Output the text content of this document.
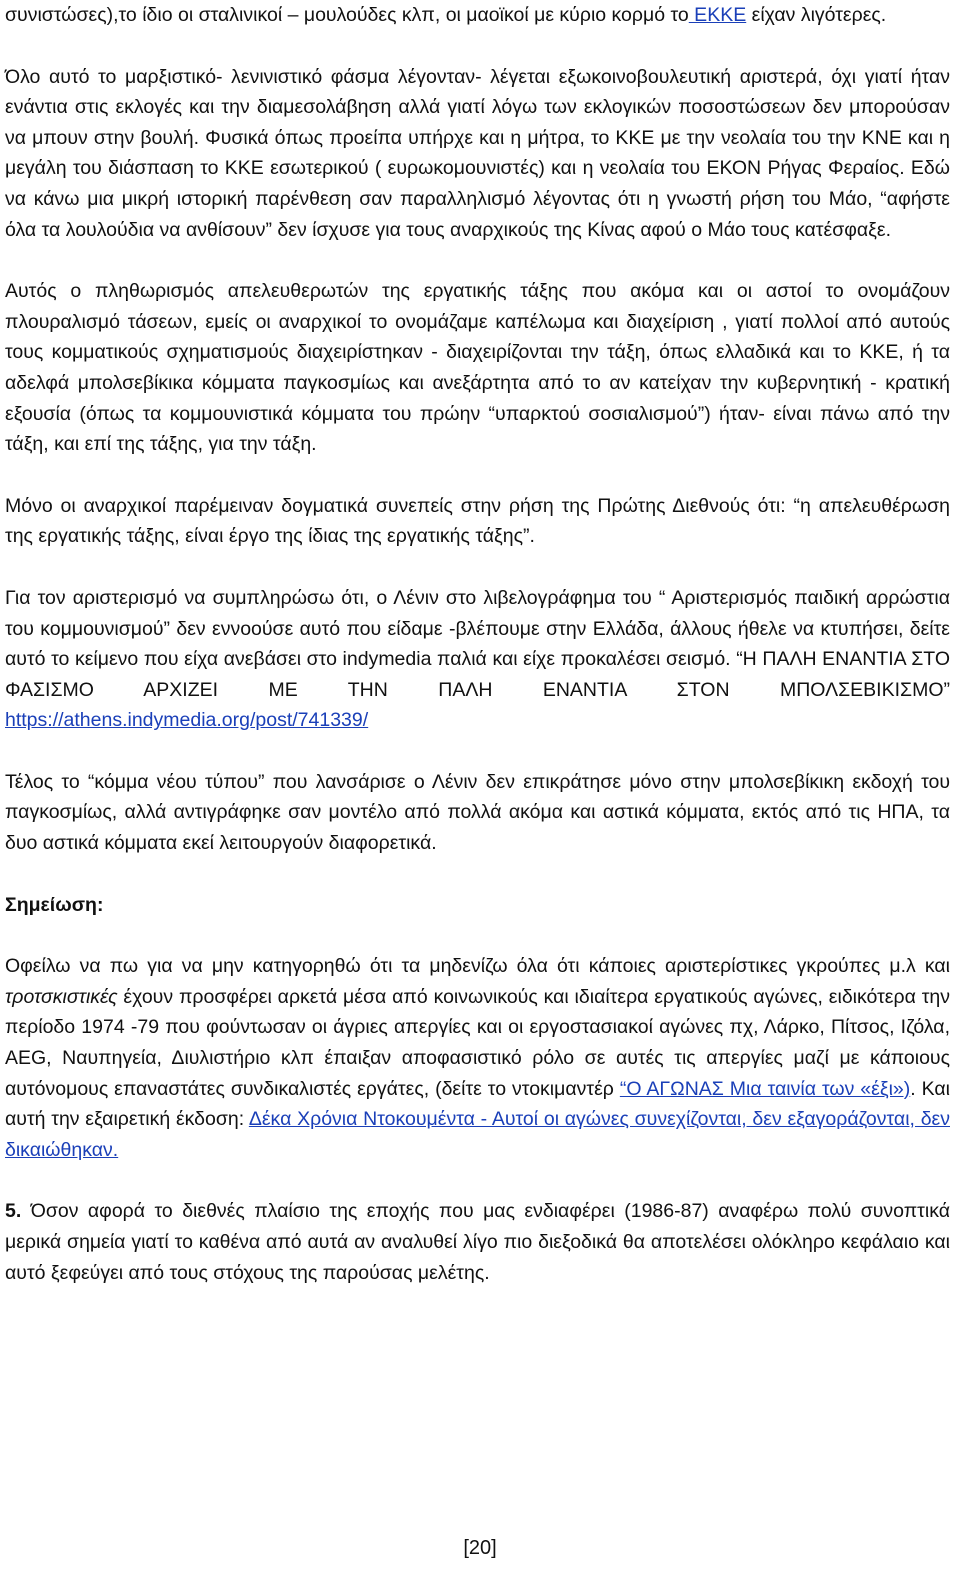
συνιστώσες),το ίδιο οι σταλινικοί – μουλούδες κλπ, οι μαοϊκοί με κύριο κορμό το ΕΚΚΕ είχαν λιγότερες.

Όλο αυτό το μαρξιστικό- λενινιστικό φάσμα λέγονταν- λέγεται εξωκοινοβουλευτική αριστερά, όχι γιατί ήταν ενάντια στις εκλογές και την διαμεσολάβηση αλλά γιατί λόγω των εκλογικών ποσοστώσεων δεν μπορούσαν να μπουν στην βουλή. Φυσικά όπως προείπα υπήρχε και η μήτρα, το ΚΚΕ με την νεολαία του την ΚΝΕ και η μεγάλη του διάσπαση το ΚΚΕ εσωτερικού ( ευρωκομουνιστές) και η νεολαία του ΕΚΟΝ Ρήγας Φεραίος. Εδώ να κάνω μια μικρή ιστορική παρένθεση σαν παραλληλισμό λέγοντας ότι η γνωστή ρήση του Μάο, “αφήστε όλα τα λουλούδια να ανθίσουν” δεν ίσχυσε για τους αναρχικούς της Κίνας αφού ο Μάο τους κατέσφαξε.

Αυτός ο πληθωρισμός απελευθερωτών της εργατικής τάξης που ακόμα και οι αστοί το ονομάζουν πλουραλισμό τάσεων, εμείς οι αναρχικοί το ονομάζαμε καπέλωμα και διαχείριση , γιατί πολλοί από αυτούς τους κομματικούς σχηματισμούς διαχειρίστηκαν - διαχειρίζονται την τάξη, όπως ελλαδικά και το ΚΚΕ, ή τα αδελφά μπολσεβίκικα κόμματα παγκοσμίως και ανεξάρτητα από το αν κατείχαν την κυβερνητική - κρατική εξουσία (όπως τα κομμουνιστικά κόμματα του πρώην “υπαρκτού σοσιαλισμού”) ήταν- είναι πάνω από την τάξη, και επί της τάξης, για την τάξη.

Μόνο οι αναρχικοί παρέμειναν δογματικά συνεπείς στην ρήση της Πρώτης Διεθνούς ότι: “η απελευθέρωση της εργατικής τάξης, είναι έργο της ίδιας της εργατικής τάξης”.

Για τον αριστερισμό να συμπληρώσω ότι, ο Λένιν στο λιβελογράφημα του “ Αριστερισμός παιδική αρρώστια του κομμουνισμού” δεν εννοούσε αυτό που είδαμε -βλέπουμε στην Ελλάδα, άλλους ήθελε να κτυπήσει, δείτε αυτό το κείμενο που είχα ανεβάσει στο indymedia παλιά και είχε προκαλέσει σεισμό. “Η ΠΑΛΗ ΕΝΑΝΤΙΑ ΣΤΟ ΦΑΣΙΣΜΟ ΑΡΧΙΖΕΙ ΜΕ ΤΗΝ ΠΑΛΗ ΕΝΑΝΤΙΑ ΣΤΟΝ ΜΠΟΛΣΕΒΙΚΙΣΜΟ” https://athens.indymedia.org/post/741339/

Τέλος το “κόμμα νέου τύπου” που λανσάρισε ο Λένιν δεν επικράτησε μόνο στην μπολσεβίκικη εκδοχή του παγκοσμίως, αλλά αντιγράφηκε σαν μοντέλο από πολλά ακόμα και αστικά κόμματα, εκτός από τις ΗΠΑ, τα δυο αστικά κόμματα εκεί λειτουργούν διαφορετικά.

Σημείωση:

Οφείλω να πω για να μην κατηγορηθώ ότι τα μηδενίζω όλα ότι κάποιες αριστερίστικες γκρούπες μ.λ και τροτσκιστικές έχουν προσφέρει αρκετά μέσα από κοινωνικούς και ιδιαίτερα εργατικούς αγώνες, ειδικότερα την περίοδο 1974 -79 που φούντωσαν οι άγριες απεργίες και οι εργοστασιακοί αγώνες πχ, Λάρκο, Πίτσος, Ιζόλα, AEG, Ναυπηγεία, Διυλιστήριο κλπ έπαιξαν αποφασιστικό ρόλο σε αυτές τις απεργίες μαζί με κάποιους αυτόνομους επαναστάτες συνδικαλιστές εργάτες, (δείτε το ντοκιμαντέρ “Ο ΑΓΩΝΑΣ Μια ταινία των «έξι»). Και αυτή την εξαιρετική έκδοση: Δέκα Χρόνια Ντοκουμέντα - Αυτοί οι αγώνες συνεχίζονται, δεν εξαγοράζονται, δεν δικαιώθηκαν.

5. Όσον αφορά το διεθνές πλαίσιο της εποχής που μας ενδιαφέρει (1986-87) αναφέρω πολύ συνοπτικά μερικά σημεία γιατί το καθένα από αυτά αν αναλυθεί λίγο πιο διεξοδικά θα αποτελέσει ολόκληρο κεφάλαιο και αυτό ξεφεύγει από τους στόχους της παρούσας μελέτης.

[20]
